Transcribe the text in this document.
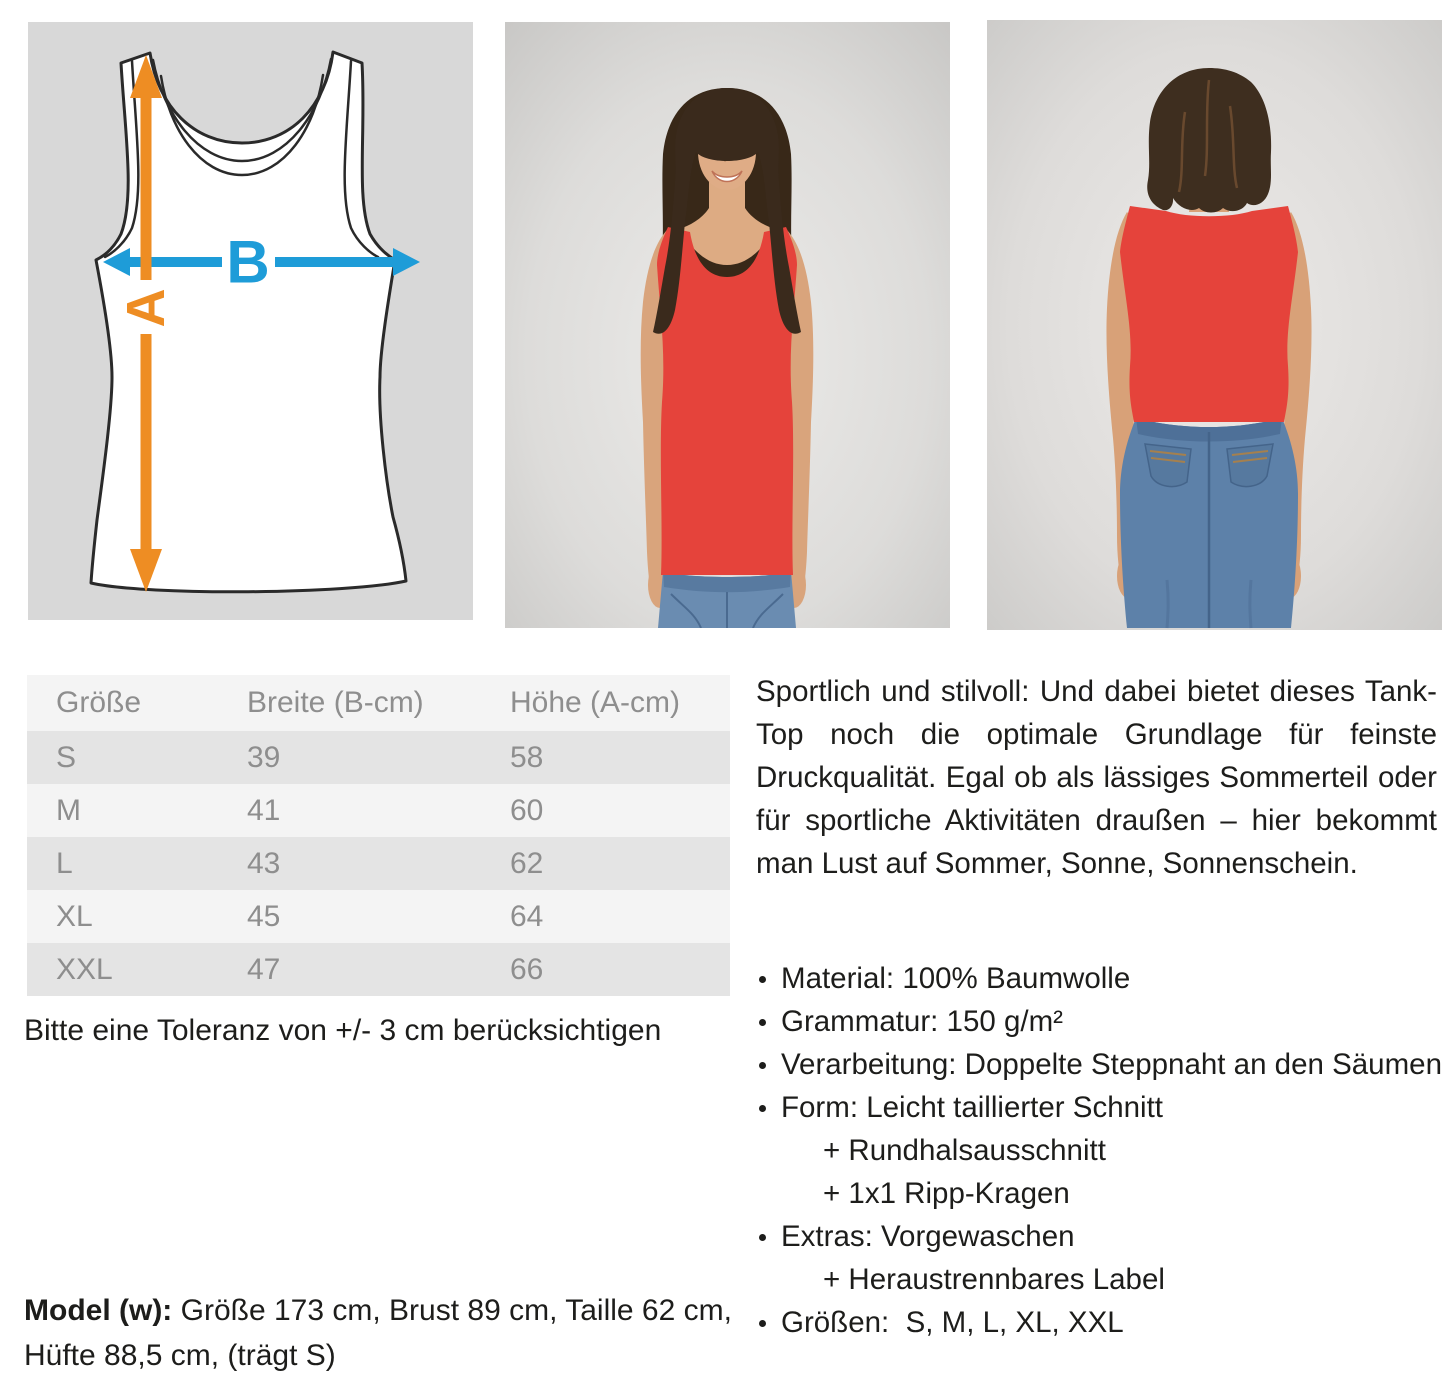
A
B
Größe	Breite (B-cm)	Höhe (A-cm)
S	39	58
M	41	60
L	43	62
XL	45	64
XXL	47	66
Bitte eine Toleranz von +/- 3 cm berücksichtigen
Model (w): Größe 173 cm, Brust 89 cm, Taille 62 cm,
Hüfte 88,5 cm, (trägt S)
Sportlich und stilvoll: Und dabei bietet dieses Tank-Top noch die optimale Grundlage für feinste Druckqualität. Egal ob als lässiges Sommerteil oder für sportliche Aktivitäten draußen – hier bekommt man Lust auf Sommer, Sonne, Sonnenschein.
Material: 100% Baumwolle
Grammatur: 150 g/m²
Verarbeitung: Doppelte Steppnaht an den Säumen
Form: Leicht taillierter Schnitt
+ Rundhalsausschnitt
+ 1x1 Ripp-Kragen
Extras: Vorgewaschen
+ Heraustrennbares Label
Größen:  S, M, L, XL, XXL
